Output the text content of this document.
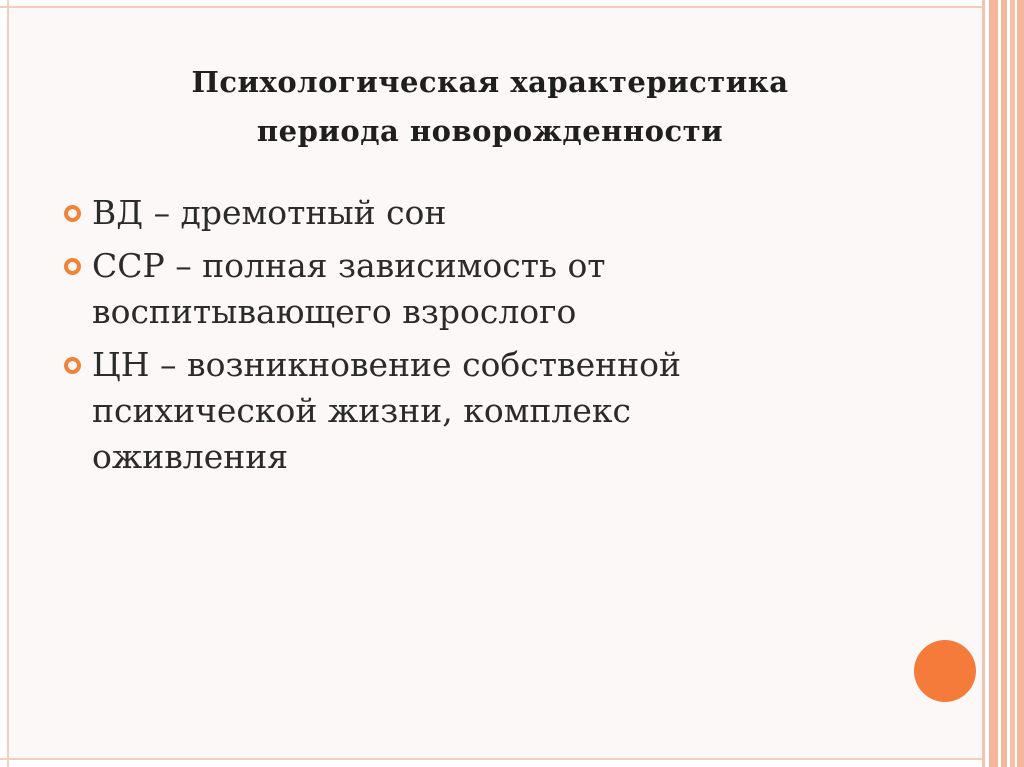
Психологическая характеристика
периода новорожденности
ВД – дремотный сон
ССР – полная зависимость от
воспитывающего взрослого
ЦН – возникновение собственной
психической жизни, комплекс
оживления
